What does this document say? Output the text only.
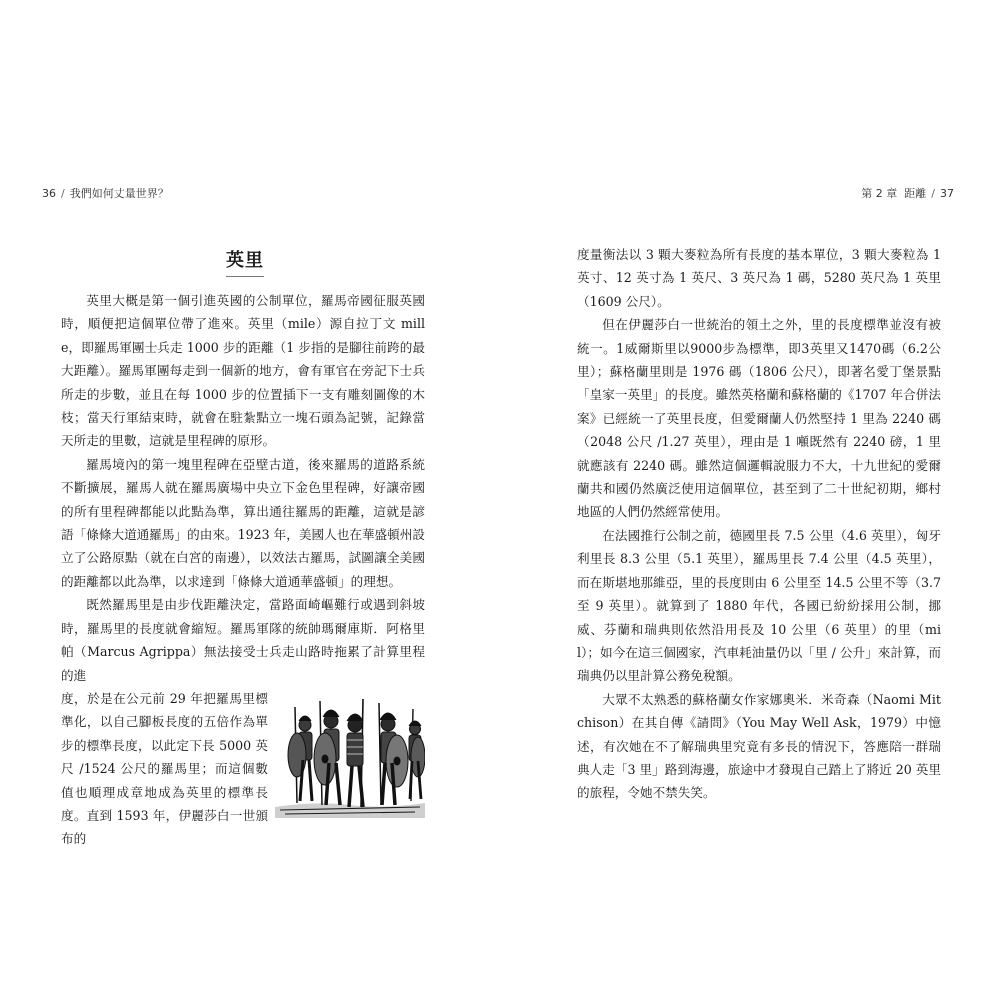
36 / 我們如何丈量世界？	第 2 章 距離 / 37
英里

英里大概是第一個引進英國的公制單位，羅馬帝國征服英國時，順便把這個單位帶了進來。英里（mile）源自拉丁文 mille，即羅馬軍團士兵走 1000 步的距離（1 步指的是腳往前跨的最大距離）。羅馬軍團每走到一個新的地方，會有軍官在旁記下士兵所走的步數，並且在每 1000 步的位置插下一支有雕刻圖像的木枝；當天行軍結束時，就會在駐紮點立一塊石頭為記號，記錄當天所走的里數，這就是里程碑的原形。

羅馬境內的第一塊里程碑在亞壁古道，後來羅馬的道路系統不斷擴展，羅馬人就在羅馬廣場中央立下金色里程碑，好讓帝國的所有里程碑都能以此點為準，算出通往羅馬的距離，這就是諺語「條條大道通羅馬」的由來。1923 年，美國人也在華盛頓州設立了公路原點（就在白宮的南邊），以效法古羅馬，試圖讓全美國的距離都以此為準，以求達到「條條大道通華盛頓」的理想。

既然羅馬里是由步伐距離決定，當路面崎嶇難行或遇到斜坡時，羅馬里的長度就會縮短。羅馬軍隊的統帥瑪爾庫斯．阿格里帕（Marcus Agrippa）無法接受士兵走山路時拖累了計算里程的進

度，於是在公元前 29 年把羅馬里標準化，以自己腳板長度的五倍作為單步的標準長度，以此定下長 5000 英尺 /1524 公尺的羅馬里；而這個數值也順理成章地成為英里的標準長度。直到 1593 年，伊麗莎白一世頒布的

度量衡法以 3 顆大麥粒為所有長度的基本單位，3 顆大麥粒為 1 英寸、12 英寸為 1 英尺、3 英尺為 1 碼，5280 英尺為 1 英里（1609 公尺）。

但在伊麗莎白一世統治的領土之外，里的長度標準並沒有被統一。1威爾斯里以9000步為標準，即3英里又1470碼（6.2公里）；蘇格蘭里則是 1976 碼（1806 公尺），即著名愛丁堡景點「皇家一英里」的長度。雖然英格蘭和蘇格蘭的《1707 年合併法案》已經統一了英里長度，但愛爾蘭人仍然堅持 1 里為 2240 碼（2048 公尺 /1.27 英里），理由是 1 噸既然有 2240 磅，1 里就應該有 2240 碼。雖然這個邏輯說服力不大，十九世紀的愛爾蘭共和國仍然廣泛使用這個單位，甚至到了二十世紀初期，鄉村地區的人們仍然經常使用。

在法國推行公制之前，德國里長 7.5 公里（4.6 英里），匈牙利里長 8.3 公里（5.1 英里），羅馬里長 7.4 公里（4.5 英里），而在斯堪地那維亞，里的長度則由 6 公里至 14.5 公里不等（3.7 至 9 英里）。就算到了 1880 年代，各國已紛紛採用公制，挪威、芬蘭和瑞典則依然沿用長及 10 公里（6 英里）的里（mil）；如今在這三個國家，汽車耗油量仍以「里 / 公升」來計算，而瑞典仍以里計算公務免稅額。

大眾不太熟悉的蘇格蘭女作家娜奧米．米奇森（Naomi Mitchison）在其自傳《請問》（You May Well Ask，1979）中憶述，有次她在不了解瑞典里究竟有多長的情況下，答應陪一群瑞典人走「3 里」路到海邊，旅途中才發現自己踏上了將近 20 英里的旅程，令她不禁失笑。
